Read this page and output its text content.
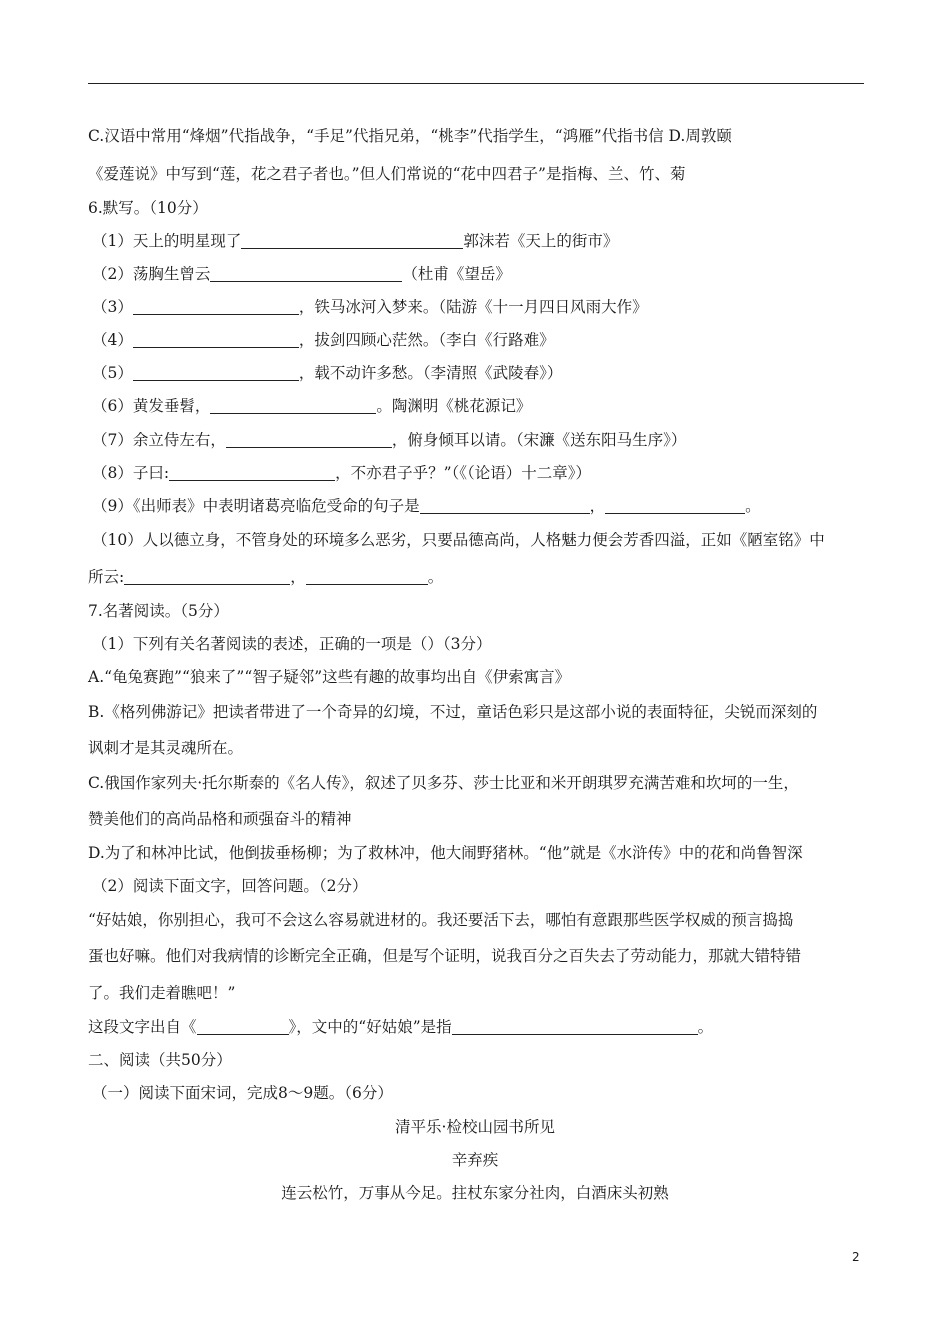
C.汉语中常用“烽烟”代指战争，“手足”代指兄弟，“桃李”代指学生，“鸿雁”代指书信 D.周敦颐
《爱莲说》中写到“莲，花之君子者也。”但人们常说的“花中四君子”是指梅、兰、竹、菊
6.默写。（10分）
（1）天上的明星现了	郭沫若《天上的街市》
（2）荡胸生曾云	（杜甫《望岳》
（3）	，铁马冰河入梦来。（陆游《十一月四日风雨大作》
（4）	，拔剑四顾心茫然。（李白《行路难》
（5）	，载不动许多愁。（李清照《武陵春》）
（6）黄发垂髫，	。陶渊明《桃花源记》
（7）余立侍左右，	，俯身倾耳以请。（宋濂《送东阳马生序》）
（8）子曰:	，不亦君子乎？”（《（论语）十二章》）
（9）《出师表》中表明诸葛亮临危受命的句子是	，	。
（10）人以德立身，不管身处的环境多么恶劣，只要品德高尚，人格魅力便会芳香四溢，正如《陋室铭》中
所云:	，	。
7.名著阅读。（5分）
（1）下列有关名著阅读的表述，正确的一项是（）（3分）
A.“龟兔赛跑”“狼来了”“智子疑邻”这些有趣的故事均出自《伊索寓言》
B.《格列佛游记》把读者带进了一个奇异的幻境，不过，童话色彩只是这部小说的表面特征，尖锐而深刻的
讽刺才是其灵魂所在。
C.俄国作家列夫·托尔斯泰的《名人传》，叙述了贝多芬、莎士比亚和米开朗琪罗充满苦难和坎坷的一生，
赞美他们的高尚品格和顽强奋斗的精神
D.为了和林冲比试，他倒拔垂杨柳；为了救林冲，他大闹野猪林。“他”就是《水浒传》中的花和尚鲁智深
（2）阅读下面文字，回答问题。（2分）
“好姑娘，你别担心，我可不会这么容易就进材的。我还要活下去，哪怕有意跟那些医学权威的预言捣捣
蛋也好嘛。他们对我病情的诊断完全正确，但是写个证明，说我百分之百失去了劳动能力，那就大错特错
了。我们走着瞧吧！”
这段文字出自《	》，文中的“好姑娘”是指	。
二、阅读（共50分）
（一）阅读下面宋词，完成8～9题。（6分）
清平乐·检校山园书所见
辛弃疾
连云松竹，万事从今足。拄杖东家分社肉，白酒床头初熟
2
